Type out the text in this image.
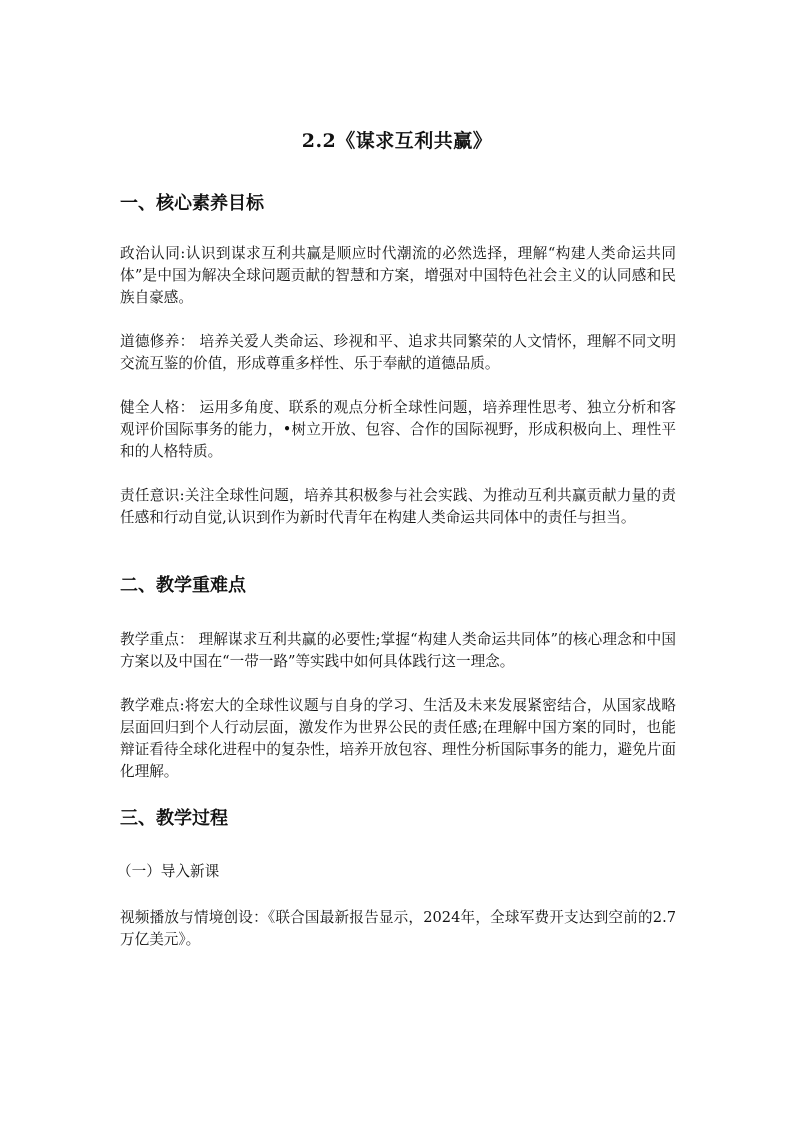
2.2《谋求互利共赢》
一、核心素养目标
政治认同:认识到谋求互利共赢是顺应时代潮流的必然选择，理解“构建人类命运共同体”是中国为解决全球问题贡献的智慧和方案，增强对中国特色社会主义的认同感和民族自豪感。
道德修养： 培养关爱人类命运、珍视和平、追求共同繁荣的人文情怀，理解不同文明交流互鉴的价值，形成尊重多样性、乐于奉献的道德品质。
健全人格： 运用多角度、联系的观点分析全球性问题，培养理性思考、独立分析和客观评价国际事务的能力，•树立开放、包容、合作的国际视野，形成积极向上、理性平和的人格特质。
责任意识:关注全球性问题，培养其积极参与社会实践、为推动互利共赢贡献力量的责任感和行动自觉,认识到作为新时代青年在构建人类命运共同体中的责任与担当。
二、教学重难点
教学重点： 理解谋求互利共赢的必要性;掌握“构建人类命运共同体”的核心理念和中国方案以及中国在“一带一路”等实践中如何具体践行这一理念。
教学难点:将宏大的全球性议题与自身的学习、生活及未来发展紧密结合，从国家战略层面回归到个人行动层面，激发作为世界公民的责任感;在理解中国方案的同时，也能辩证看待全球化进程中的复杂性，培养开放包容、理性分析国际事务的能力，避免片面化理解。
三、教学过程
（一）导入新课
视频播放与情境创设：《联合国最新报告显示，2024年，全球军费开支达到空前的2.7万亿美元》。
